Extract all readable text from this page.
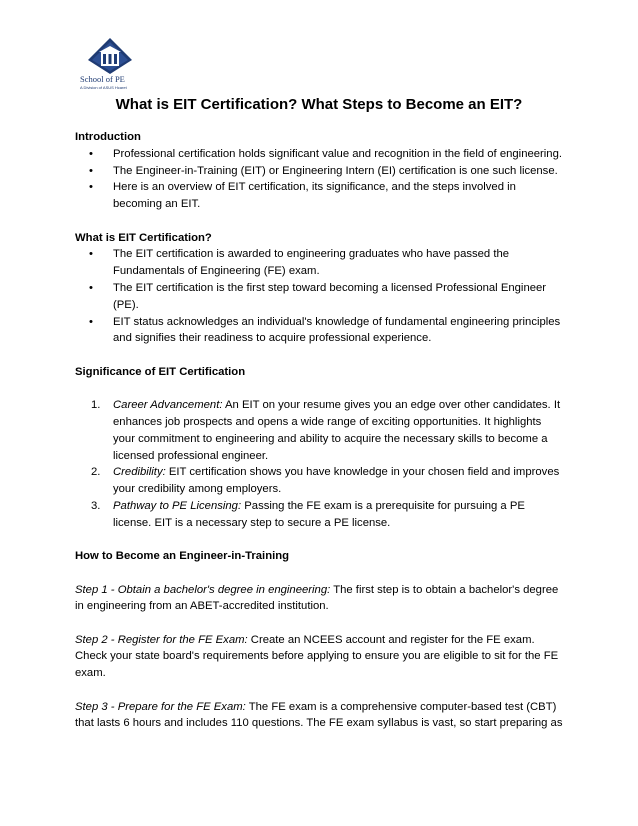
School of PE
A Division of ASUS Hcaret
What is EIT Certification? What Steps to Become an EIT?

Introduction

• Professional certification holds significant value and recognition in the field of engineering.
• The Engineer-in-Training (EIT) or Engineering Intern (EI) certification is one such license.
• Here is an overview of EIT certification, its significance, and the steps involved in becoming an EIT.

What is EIT Certification?

• The EIT certification is awarded to engineering graduates who have passed the Fundamentals of Engineering (FE) exam.
• The EIT certification is the first step toward becoming a licensed Professional Engineer (PE).
• EIT status acknowledges an individual's knowledge of fundamental engineering principles and signifies their readiness to acquire professional experience.

Significance of EIT Certification

1. Career Advancement: An EIT on your resume gives you an edge over other candidates. It enhances job prospects and opens a wide range of exciting opportunities. It highlights your commitment to engineering and ability to acquire the necessary skills to become a licensed professional engineer.
2. Credibility: EIT certification shows you have knowledge in your chosen field and improves your credibility among employers.
3. Pathway to PE Licensing: Passing the FE exam is a prerequisite for pursuing a PE license. EIT is a necessary step to secure a PE license.

How to Become an Engineer-in-Training

Step 1 - Obtain a bachelor's degree in engineering: The first step is to obtain a bachelor's degree in engineering from an ABET-accredited institution.

Step 2 - Register for the FE Exam: Create an NCEES account and register for the FE exam. Check your state board's requirements before applying to ensure you are eligible to sit for the FE exam.

Step 3 - Prepare for the FE Exam: The FE exam is a comprehensive computer-based test (CBT) that lasts 6 hours and includes 110 questions. The FE exam syllabus is vast, so start preparing as
